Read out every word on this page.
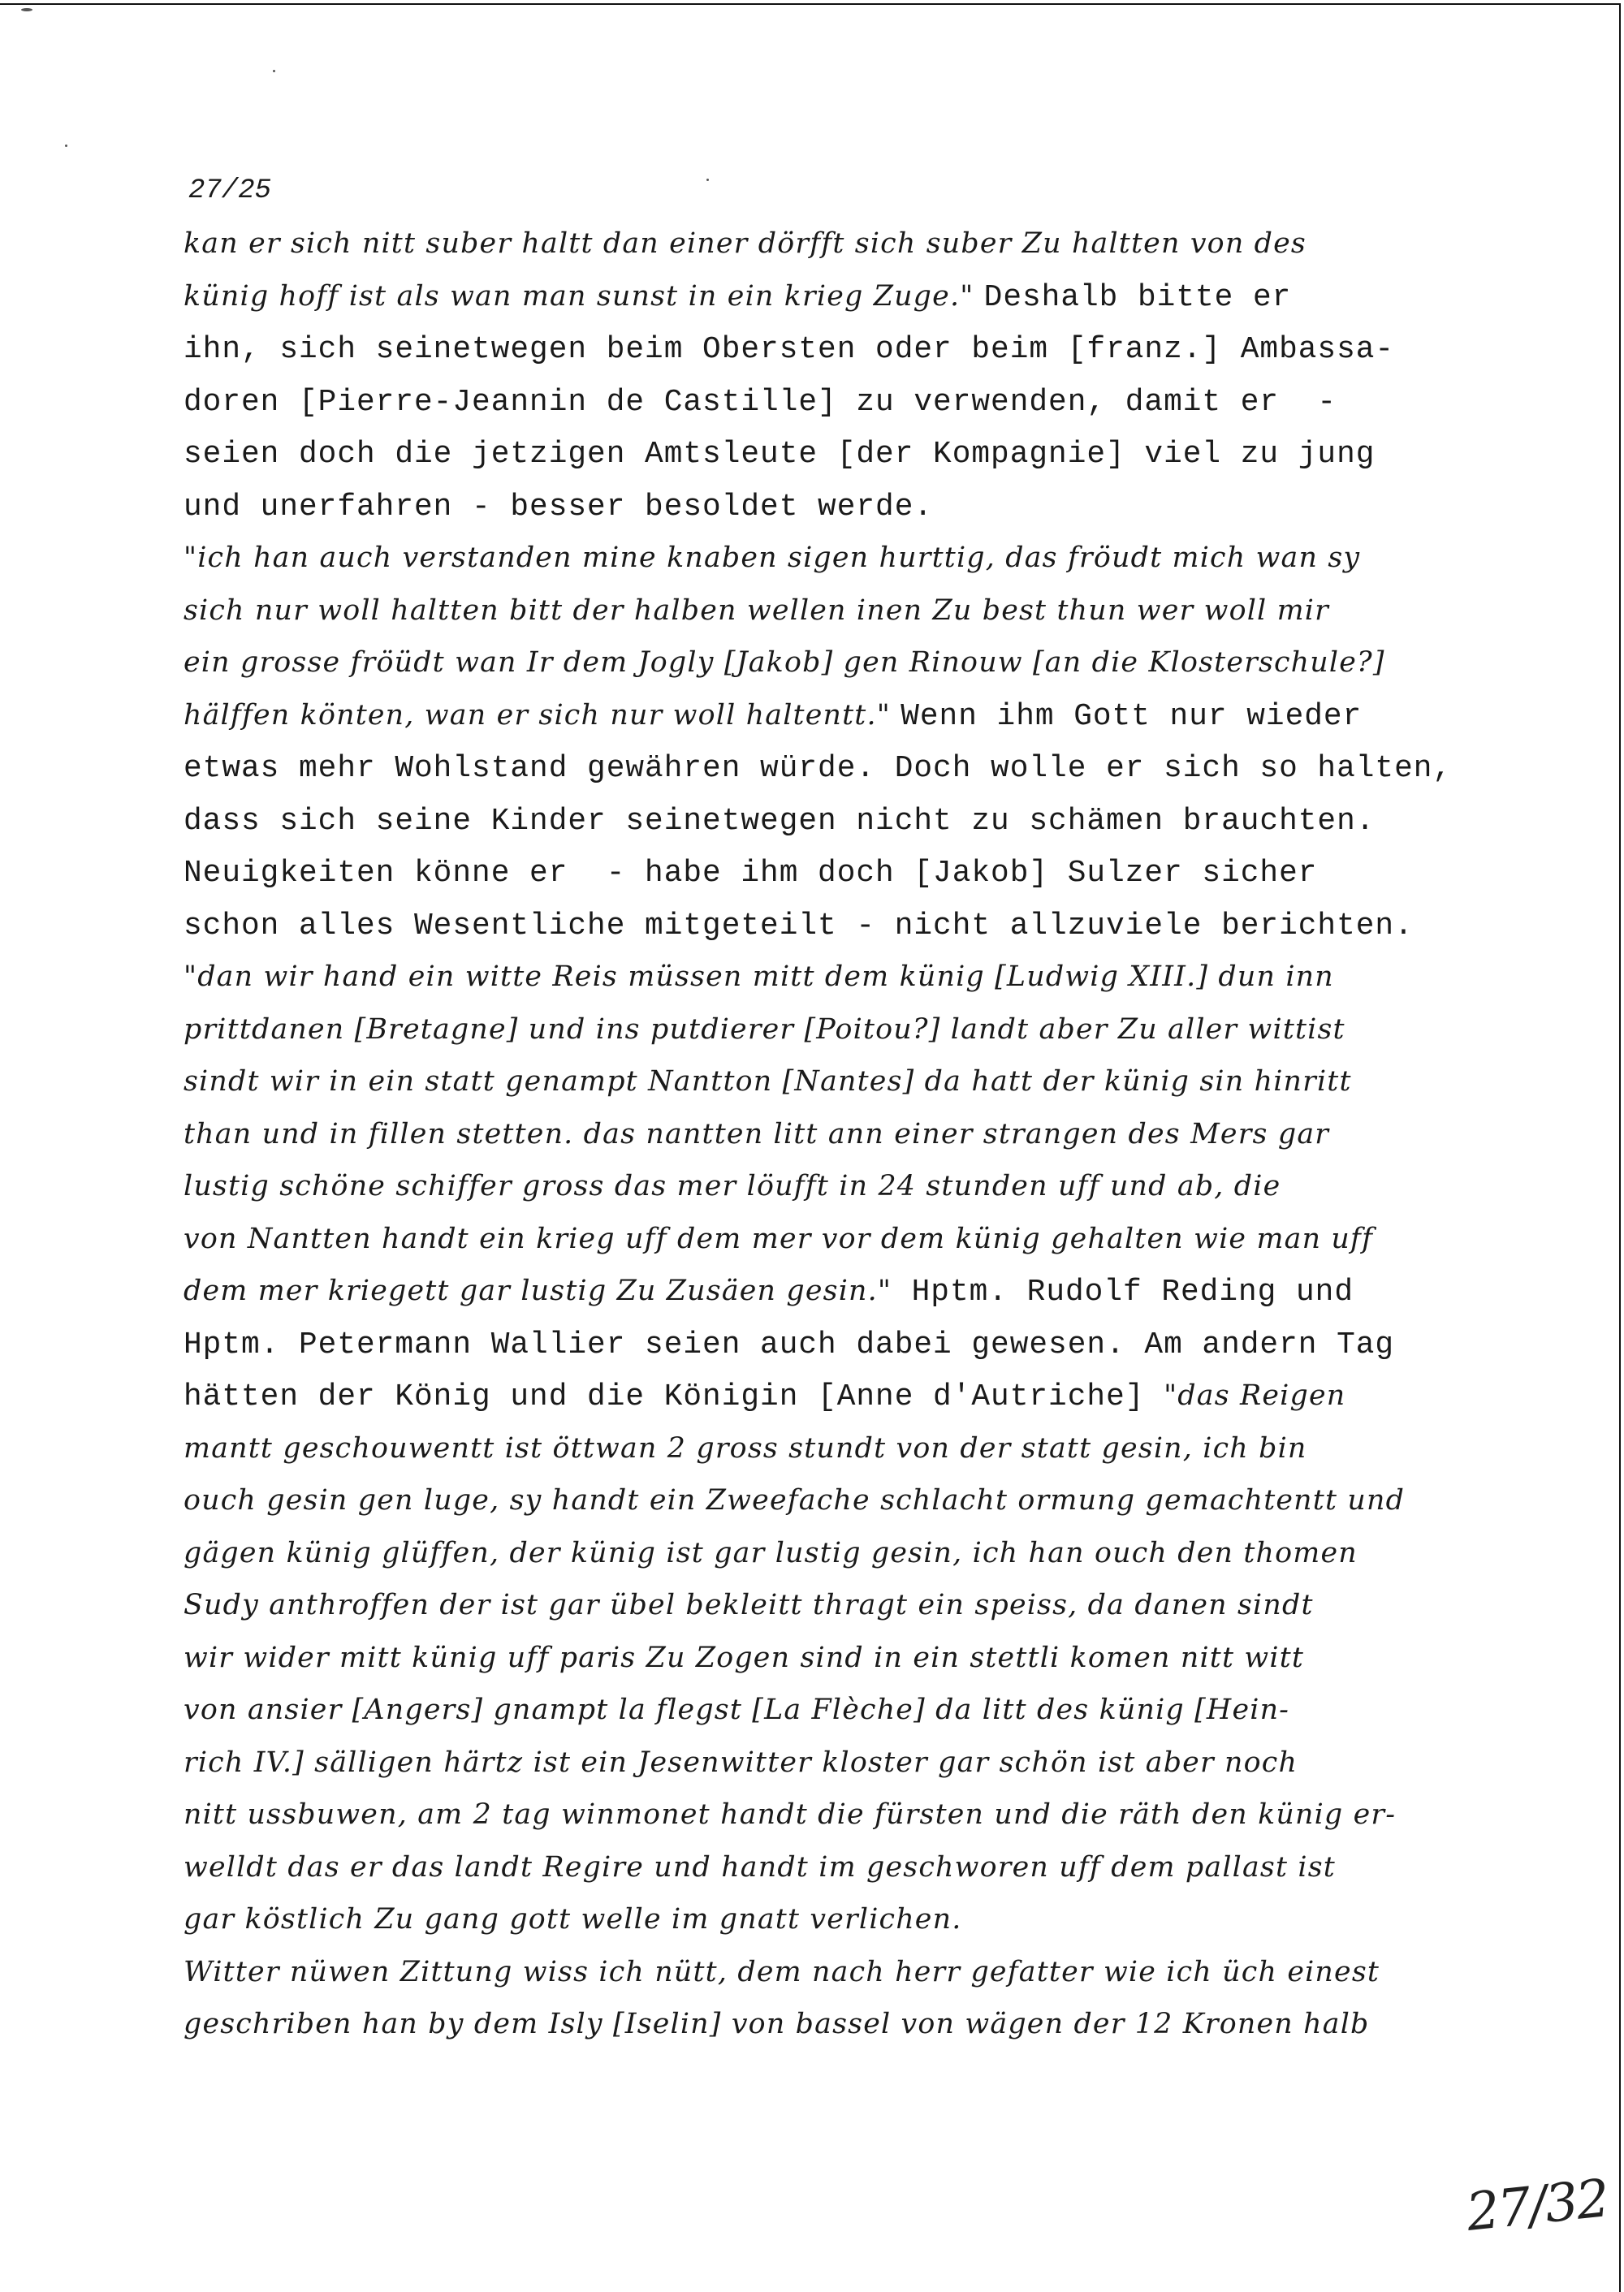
27/25
kan er sich nitt suber haltt dan einer dörfft sich suber Zu haltten von des
künig hoff ist als wan man sunst in ein krieg Zuge." Deshalb bitte er
ihn, sich seinetwegen beim Obersten oder beim [franz.] Ambassa-
doren [Pierre-Jeannin de Castille] zu verwenden, damit er  -
seien doch die jetzigen Amtsleute [der Kompagnie] viel zu jung
und unerfahren - besser besoldet werde.
"ich han auch verstanden mine knaben sigen hurttig, das fröudt mich wan sy
sich nur woll haltten bitt der halben wellen inen Zu best thun wer woll mir
ein grosse fröüdt wan Ir dem Jogly [Jakob] gen Rinouw [an die Klosterschule?]
hälffen könten, wan er sich nur woll haltentt." Wenn ihm Gott nur wieder
etwas mehr Wohlstand gewähren würde. Doch wolle er sich so halten,
dass sich seine Kinder seinetwegen nicht zu schämen brauchten.
Neuigkeiten könne er  - habe ihm doch [Jakob] Sulzer sicher
schon alles Wesentliche mitgeteilt - nicht allzuviele berichten.
"dan wir hand ein witte Reis müssen mitt dem künig [Ludwig XIII.] dun inn
prittdanen [Bretagne] und ins putdierer [Poitou?] landt aber Zu aller wittist
sindt wir in ein statt genampt Nantton [Nantes] da hatt der künig sin hinritt
than und in fillen stetten. das nantten litt ann einer strangen des Mers gar
lustig schöne schiffer gross das mer löufft in 24 stunden uff und ab, die
von Nantten handt ein krieg uff dem mer vor dem künig gehalten wie man uff
dem mer kriegett gar lustig Zu Zusäen gesin."  Hptm. Rudolf Reding und
Hptm. Petermann Wallier seien auch dabei gewesen. Am andern Tag
hätten der König und die Königin [Anne d'Autriche] "das Reigen
mantt geschouwentt ist öttwan 2 gross stundt von der statt gesin, ich bin
ouch gesin gen luge, sy handt ein Zweefache schlacht ormung gemachtentt und
gägen künig glüffen, der künig ist gar lustig gesin, ich han ouch den thomen
Sudy anthroffen der ist gar übel bekleitt thragt ein speiss, da danen sindt
wir wider mitt künig uff paris Zu Zogen sind in ein stettli komen nitt witt
von ansier [Angers] gnampt la flegst [La Flèche] da litt des künig [Hein-
rich IV.] sälligen härtz ist ein Jesenwitter kloster gar schön ist aber noch
nitt ussbuwen, am 2 tag winmonet handt die fürsten und die räth den künig er-
welldt das er das landt Regire und handt im geschworen uff dem pallast ist
gar köstlich Zu gang gott welle im gnatt verlichen.
Witter nüwen Zittung wiss ich nütt, dem nach herr gefatter wie ich üch einest
geschriben han by dem Isly [Iselin] von bassel von wägen der 12 Kronen halb
27/32
